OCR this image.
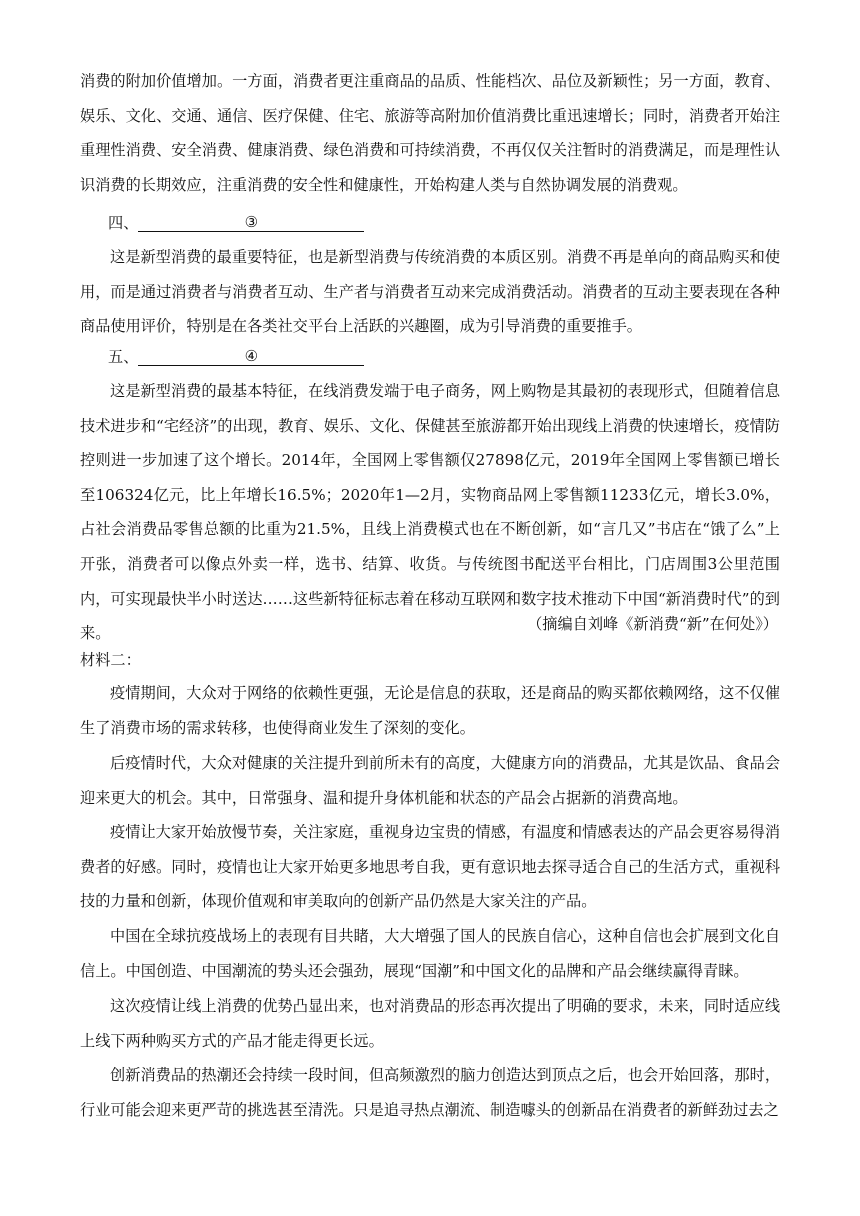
消费的附加价值增加。一方面，消费者更注重商品的品质、性能档次、品位及新颖性；另一方面，教育、娱乐、文化、交通、通信、医疗保健、住宅、旅游等高附加价值消费比重迅速增长；同时，消费者开始注重理性消费、安全消费、健康消费、绿色消费和可持续消费，不再仅仅关注暂时的消费满足，而是理性认识消费的长期效应，注重消费的安全性和健康性，开始构建人类与自然协调发展的消费观。

四、	③

这是新型消费的最重要特征，也是新型消费与传统消费的本质区别。消费不再是单向的商品购买和使用，而是通过消费者与消费者互动、生产者与消费者互动来完成消费活动。消费者的互动主要表现在各种商品使用评价，特别是在各类社交平台上活跃的兴趣圈，成为引导消费的重要推手。

五、	④

这是新型消费的最基本特征，在线消费发端于电子商务，网上购物是其最初的表现形式，但随着信息技术进步和“宅经济”的出现，教育、娱乐、文化、保健甚至旅游都开始出现线上消费的快速增长，疫情防控则进一步加速了这个增长。2014年，全国网上零售额仅27898亿元，2019年全国网上零售额已增长至106324亿元，比上年增长16.5%；2020年1—2月，实物商品网上零售额11233亿元，增长3.0%，占社会消费品零售总额的比重为21.5%，且线上消费模式也在不断创新，如“言几又”书店在“饿了么”上开张，消费者可以像点外卖一样，选书、结算、收货。与传统图书配送平台相比，门店周围3公里范围内，可实现最快半小时送达……这些新特征标志着在移动互联网和数字技术推动下中国“新消费时代”的到来。

（摘编自刘峰《新消费“新”在何处》）
材料二：

疫情期间，大众对于网络的依赖性更强，无论是信息的获取，还是商品的购买都依赖网络，这不仅催生了消费市场的需求转移，也使得商业发生了深刻的变化。

后疫情时代，大众对健康的关注提升到前所未有的高度，大健康方向的消费品，尤其是饮品、食品会迎来更大的机会。其中，日常强身、温和提升身体机能和状态的产品会占据新的消费高地。

疫情让大家开始放慢节奏，关注家庭，重视身边宝贵的情感，有温度和情感表达的产品会更容易得消费者的好感。同时，疫情也让大家开始更多地思考自我，更有意识地去探寻适合自己的生活方式，重视科技的力量和创新，体现价值观和审美取向的创新产品仍然是大家关注的产品。

中国在全球抗疫战场上的表现有目共睹，大大增强了国人的民族自信心，这种自信也会扩展到文化自信上。中国创造、中国潮流的势头还会强劲，展现“国潮”和中国文化的品牌和产品会继续赢得青睐。

这次疫情让线上消费的优势凸显出来，也对消费品的形态再次提出了明确的要求，未来，同时适应线上线下两种购买方式的产品才能走得更长远。

创新消费品的热潮还会持续一段时间，但高频激烈的脑力创造达到顶点之后，也会开始回落，那时，行业可能会迎来更严苛的挑选甚至清洗。只是追寻热点潮流、制造噱头的创新品在消费者的新鲜劲过去之
